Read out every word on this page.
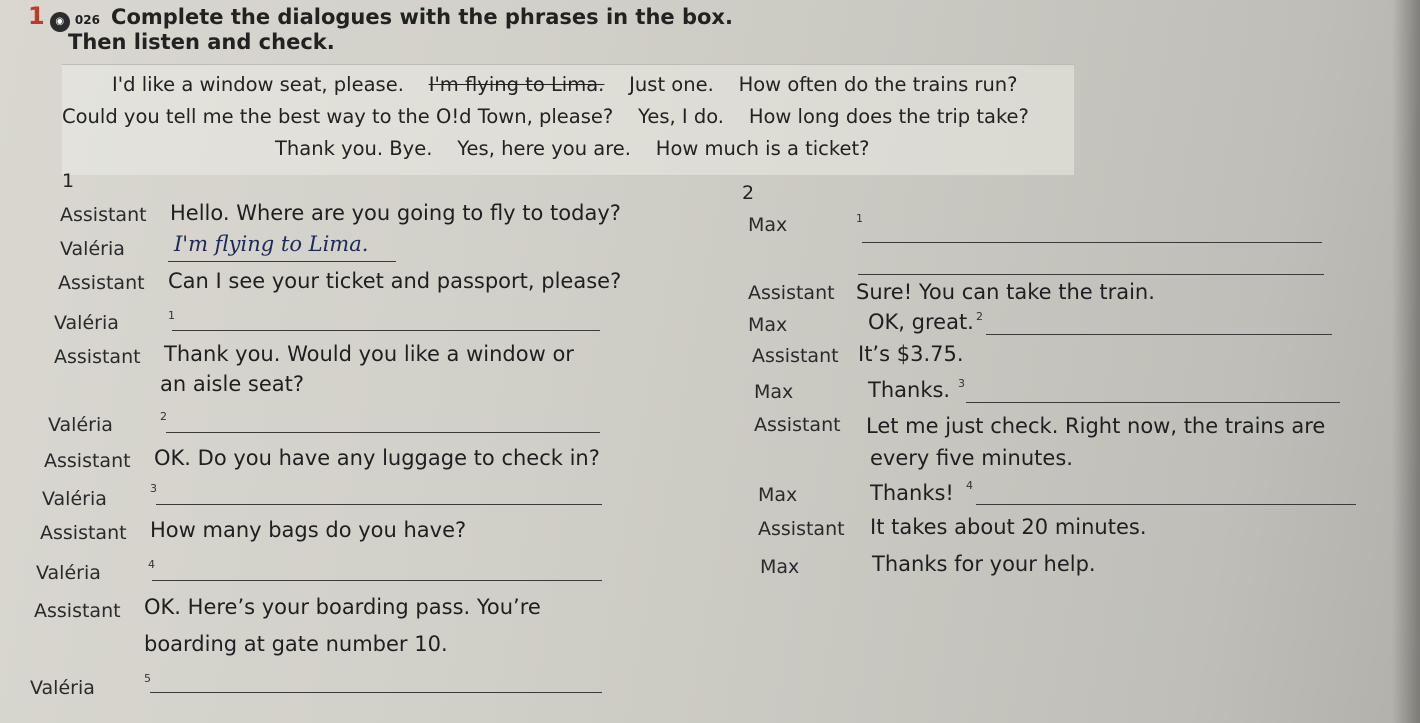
1 ◉ 026 Complete the dialogues with the phrases in the box.
Then listen and check.
I'd like a window seat, please. I'm flying to Lima. Just one. How often do the trains run?
Could you tell me the best way to the O!d Town, please? Yes, I do. How long does the trip take?
Thank you. Bye. Yes, here you are. How much is a ticket?
1
Assistant Hello. Where are you going to fly to today?
Valéria I'm flying to Lima.
Assistant Can I see your ticket and passport, please?
Valéria	1
Assistant Thank you. Would you like a window or
an aisle seat?
Valéria	2
Assistant OK. Do you have any luggage to check in?
Valéria	3
Assistant How many bags do you have?
Valéria	4
Assistant OK. Here’s your boarding pass. You’re
boarding at gate number 10.
Valéria	5
2
Max	1
Assistant Sure! You can take the train.
Max	OK, great. 2
Assistant It’s $3.75.
Max	Thanks. 3
Assistant Let me just check. Right now, the trains are
every five minutes.
Max	Thanks! 4
Assistant It takes about 20 minutes.
Max	Thanks for your help.
